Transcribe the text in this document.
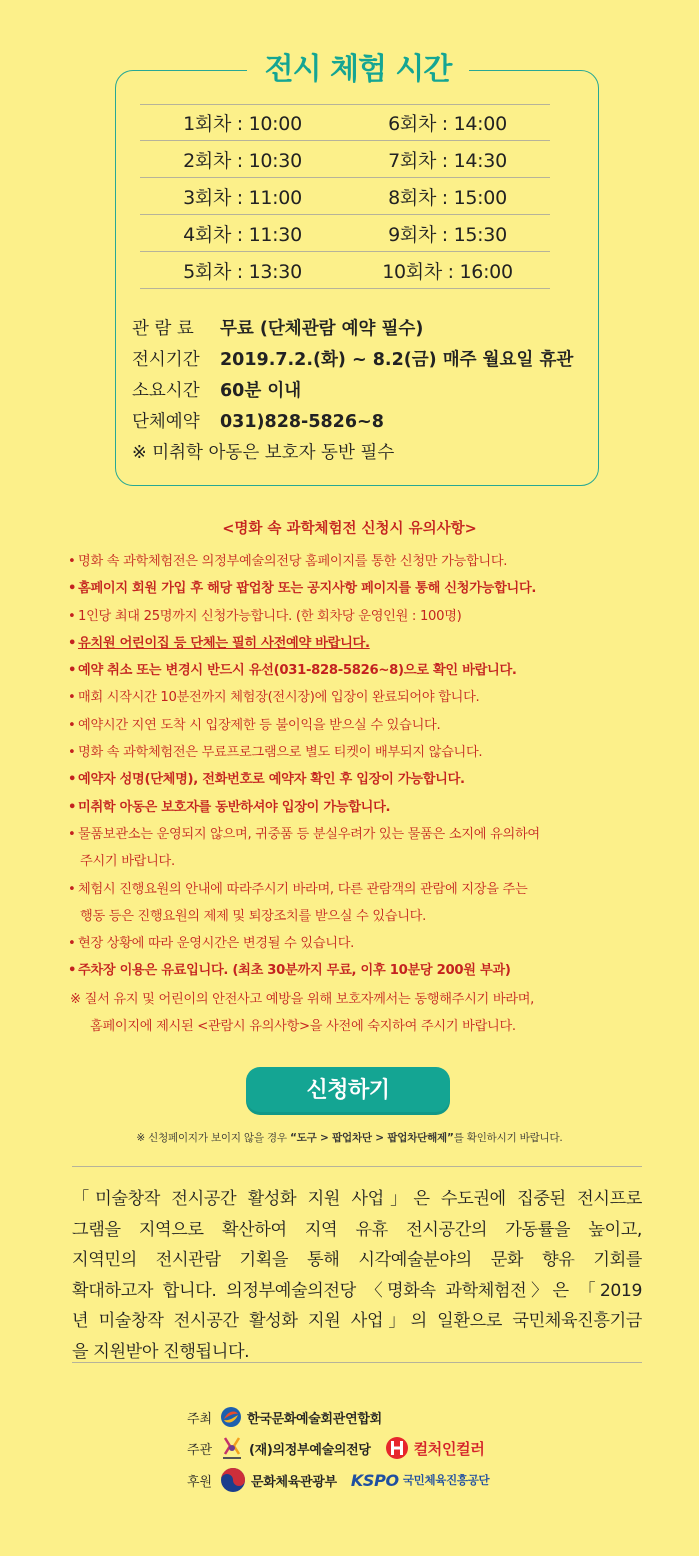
전시 체험 시간
1회차 : 10:00	6회차 : 14:00
2회차 : 10:30	7회차 : 14:30
3회차 : 11:00	8회차 : 15:00
4회차 : 11:30	9회차 : 15:30
5회차 : 13:30	10회차 : 16:00
관 람 료 무료 (단체관람 예약 필수)
전시기간 2019.7.2.(화) ~ 8.2(금) 매주 월요일 휴관
소요시간 60분 이내
단체예약 031)828-5826~8
※ 미취학 아동은 보호자 동반 필수
<명화 속 과학체험전 신청시 유의사항>
• 명화 속 과학체험전은 의정부예술의전당 홈페이지를 통한 신청만 가능합니다.
• 홈페이지 회원 가입 후 해당 팝업창 또는 공지사항 페이지를 통해 신청가능합니다.
• 1인당 최대 25명까지 신청가능합니다. (한 회차당 운영인원 : 100명)
• 유치원 어린이집 등 단체는 필히 사전예약 바랍니다.
• 예약 취소 또는 변경시 반드시 유선(031-828-5826~8)으로 확인 바랍니다.
• 매회 시작시간 10분전까지 체험장(전시장)에 입장이 완료되어야 합니다.
• 예약시간 지연 도착 시 입장제한 등 불이익을 받으실 수 있습니다.
• 명화 속 과학체험전은 무료프로그램으로 별도 티켓이 배부되지 않습니다.
• 예약자 성명(단체명), 전화번호로 예약자 확인 후 입장이 가능합니다.
• 미취학 아동은 보호자를 동반하셔야 입장이 가능합니다.
• 물품보관소는 운영되지 않으며, 귀중품 등 분실우려가 있는 물품은 소지에 유의하여
주시기 바랍니다.
• 체험시 진행요원의 안내에 따라주시기 바라며, 다른 관람객의 관람에 지장을 주는
행동 등은 진행요원의 제제 및 퇴장조치를 받으실 수 있습니다.
• 현장 상황에 따라 운영시간은 변경될 수 있습니다.
• 주차장 이용은 유료입니다. (최초 30분까지 무료, 이후 10분당 200원 부과)
※ 질서 유지 및 어린이의 안전사고 예방을 위해 보호자께서는 동행해주시기 바라며,
홈페이지에 제시된 <관람시 유의사항>을 사전에 숙지하여 주시기 바랍니다.
신청하기
※ 신청페이지가 보이지 않을 경우 “도구 > 팝업차단 > 팝업차단해제”를 확인하시기 바랍니다.
「미술창작 전시공간 활성화 지원 사업」은 수도권에 집중된 전시프로
그램을 지역으로 확산하여 지역 유휴 전시공간의 가동률을 높이고,
지역민의 전시관람 기획을 통해 시각예술분야의 문화 향유 기회를
확대하고자 합니다. 의정부예술의전당 〈명화속 과학체험전〉은 「2019
년 미술창작 전시공간 활성화 지원 사업」의 일환으로 국민체육진흥기금
을 지원받아 진행됩니다.
주최	한국문화예술회관연합회
주관	(재)의정부예술의전당	컬처인컬러
후원	문화체육관광부 KSPO 국민체육진흥공단
